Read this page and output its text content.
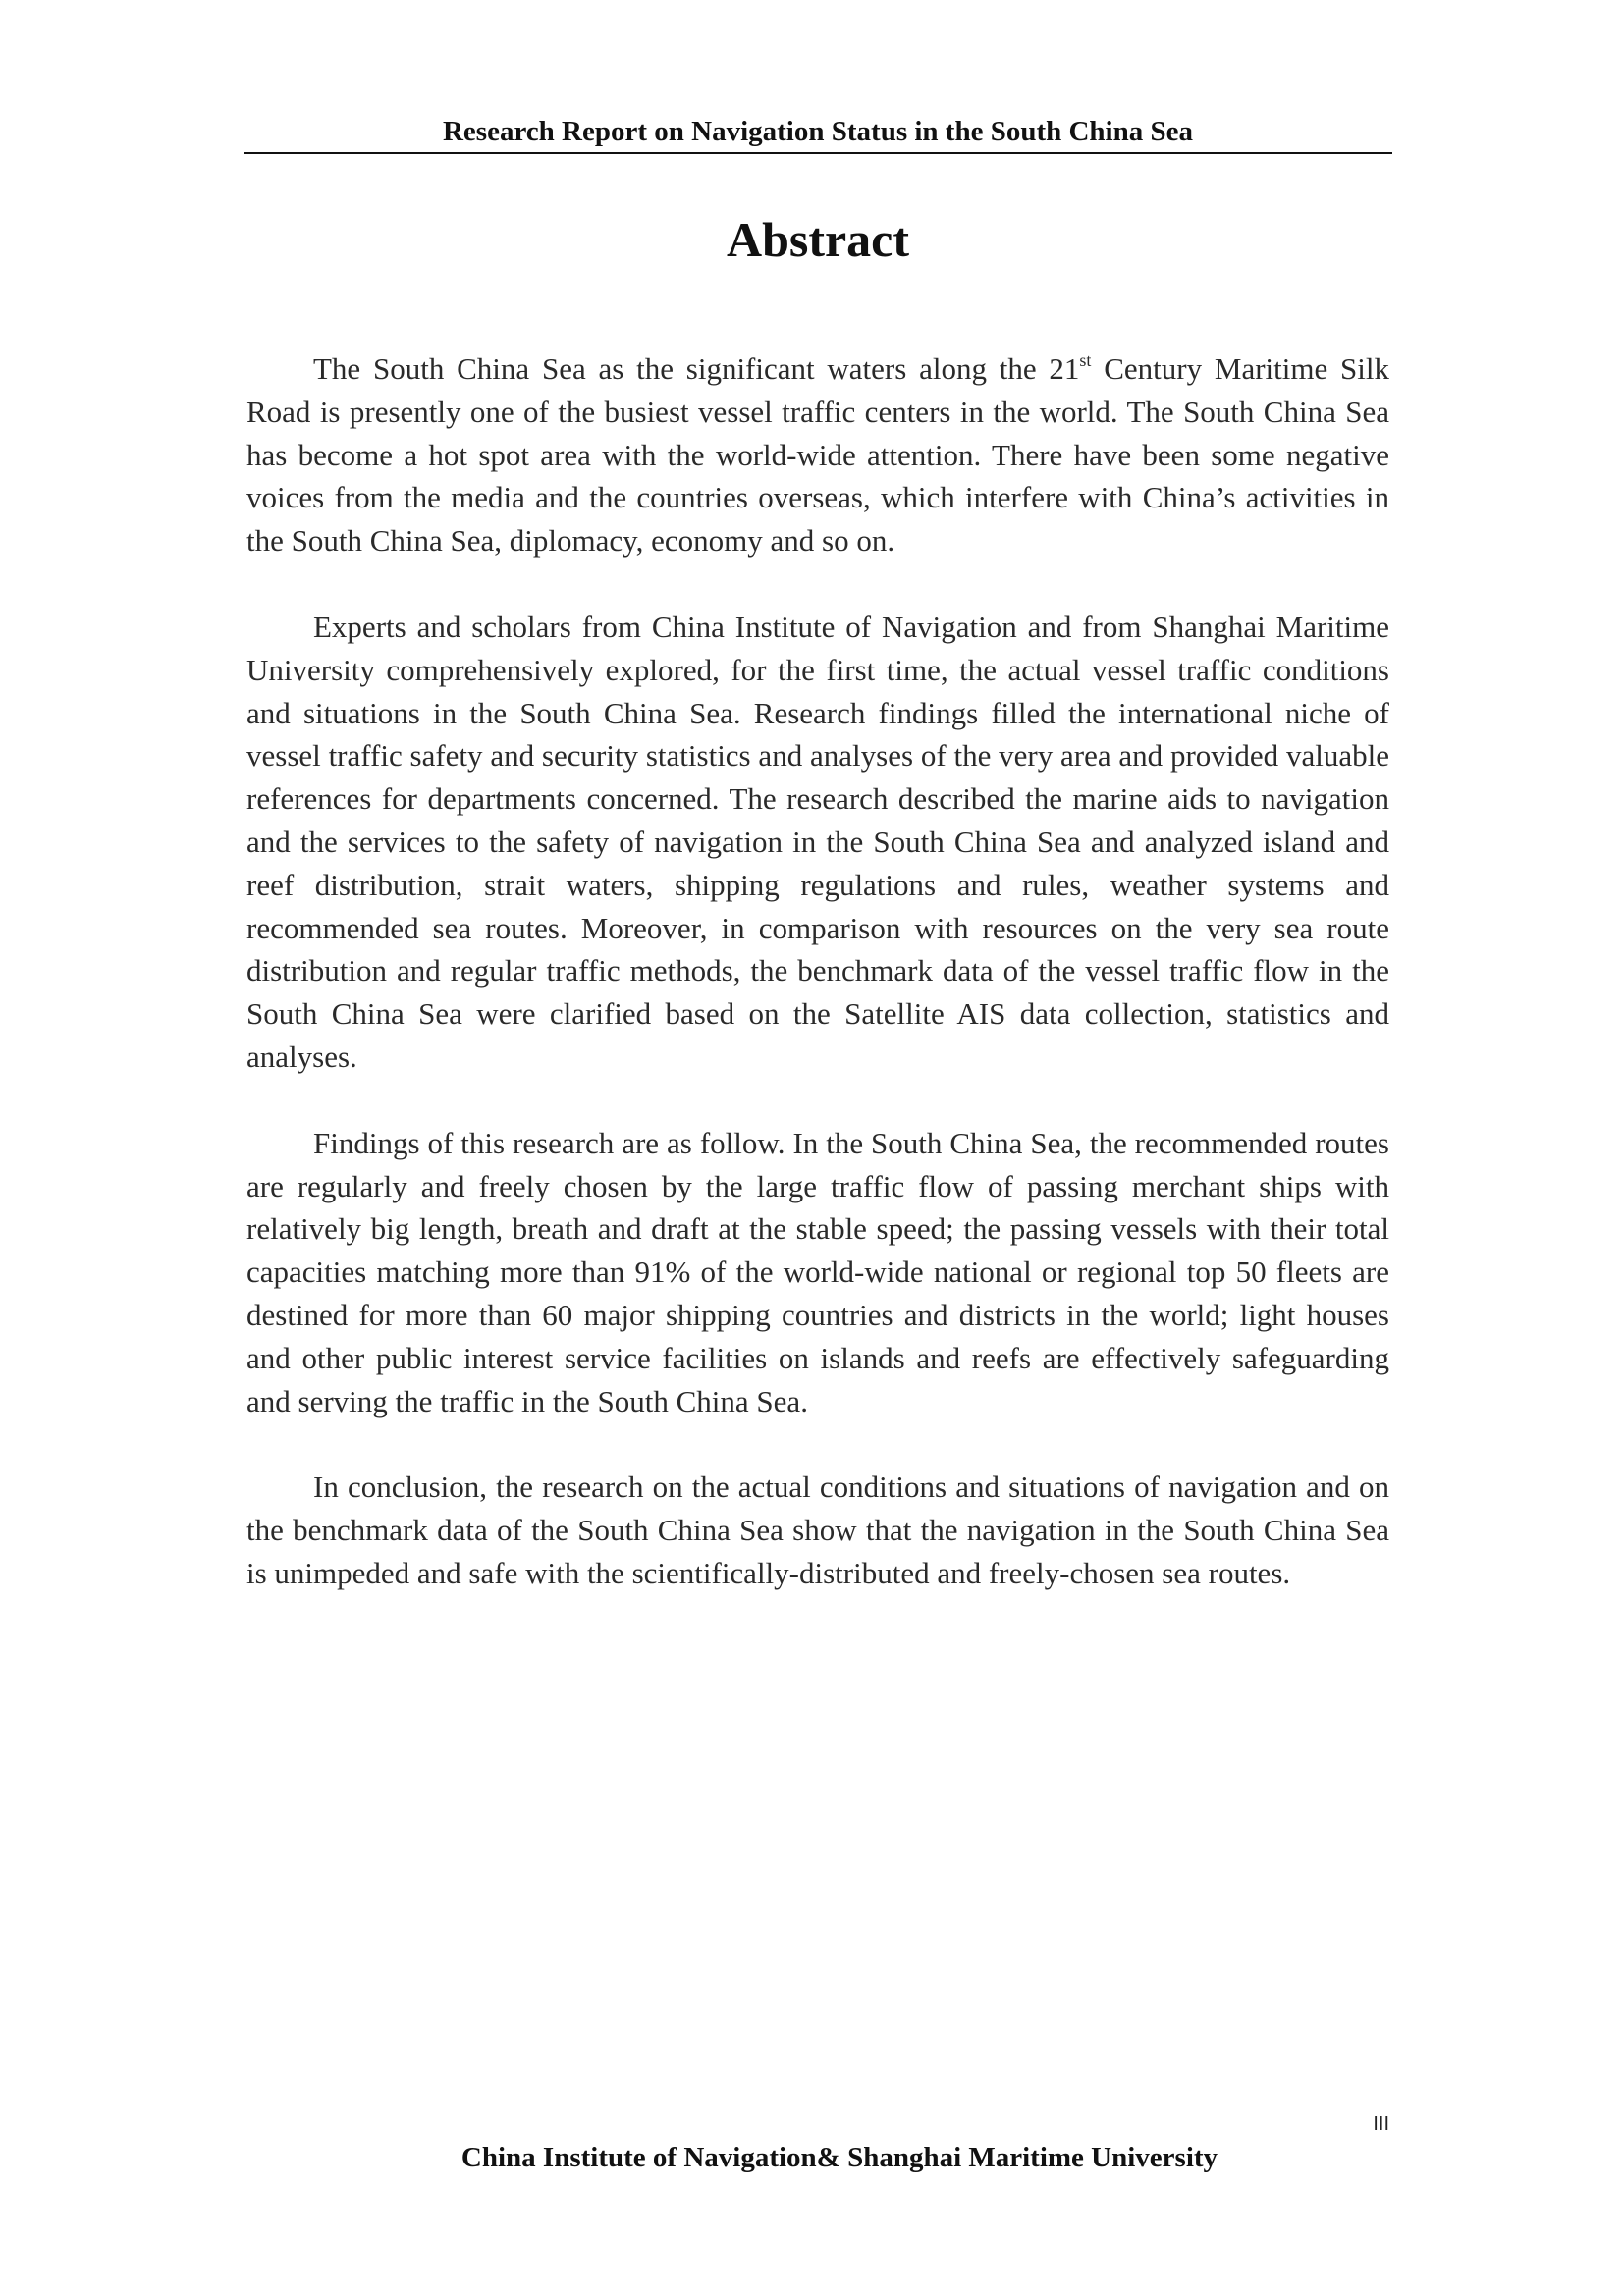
Research Report on Navigation Status in the South China Sea
Abstract

The South China Sea as the significant waters along the 21st Century Maritime Silk Road is presently one of the busiest vessel traffic centers in the world. The South China Sea has become a hot spot area with the world-wide attention. There have been some negative voices from the media and the countries overseas, which interfere with China’s activities in the South China Sea, diplomacy, economy and so on.

Experts and scholars from China Institute of Navigation and from Shanghai Maritime University comprehensively explored, for the first time, the actual vessel traffic conditions and situations in the South China Sea. Research findings filled the international niche of vessel traffic safety and security statistics and analyses of the very area and provided valuable references for departments concerned. The research described the marine aids to navigation and the services to the safety of navigation in the South China Sea and analyzed island and reef distribution, strait waters, shipping regulations and rules, weather systems and recommended sea routes. Moreover, in comparison with resources on the very sea route distribution and regular traffic methods, the benchmark data of the vessel traffic flow in the South China Sea were clarified based on the Satellite AIS data collection, statistics and analyses.

Findings of this research are as follow. In the South China Sea, the recommended routes are regularly and freely chosen by the large traffic flow of passing merchant ships with relatively big length, breath and draft at the stable speed; the passing vessels with their total capacities matching more than 91% of the world-wide national or regional top 50 fleets are destined for more than 60 major shipping countries and districts in the world; light houses and other public interest service facilities on islands and reefs are effectively safeguarding and serving the traffic in the South China Sea.

In conclusion, the research on the actual conditions and situations of navigation and on the benchmark data of the South China Sea show that the navigation in the South China Sea is unimpeded and safe with the scientifically-distributed and freely-chosen sea routes.

III
China Institute of Navigation& Shanghai Maritime University
